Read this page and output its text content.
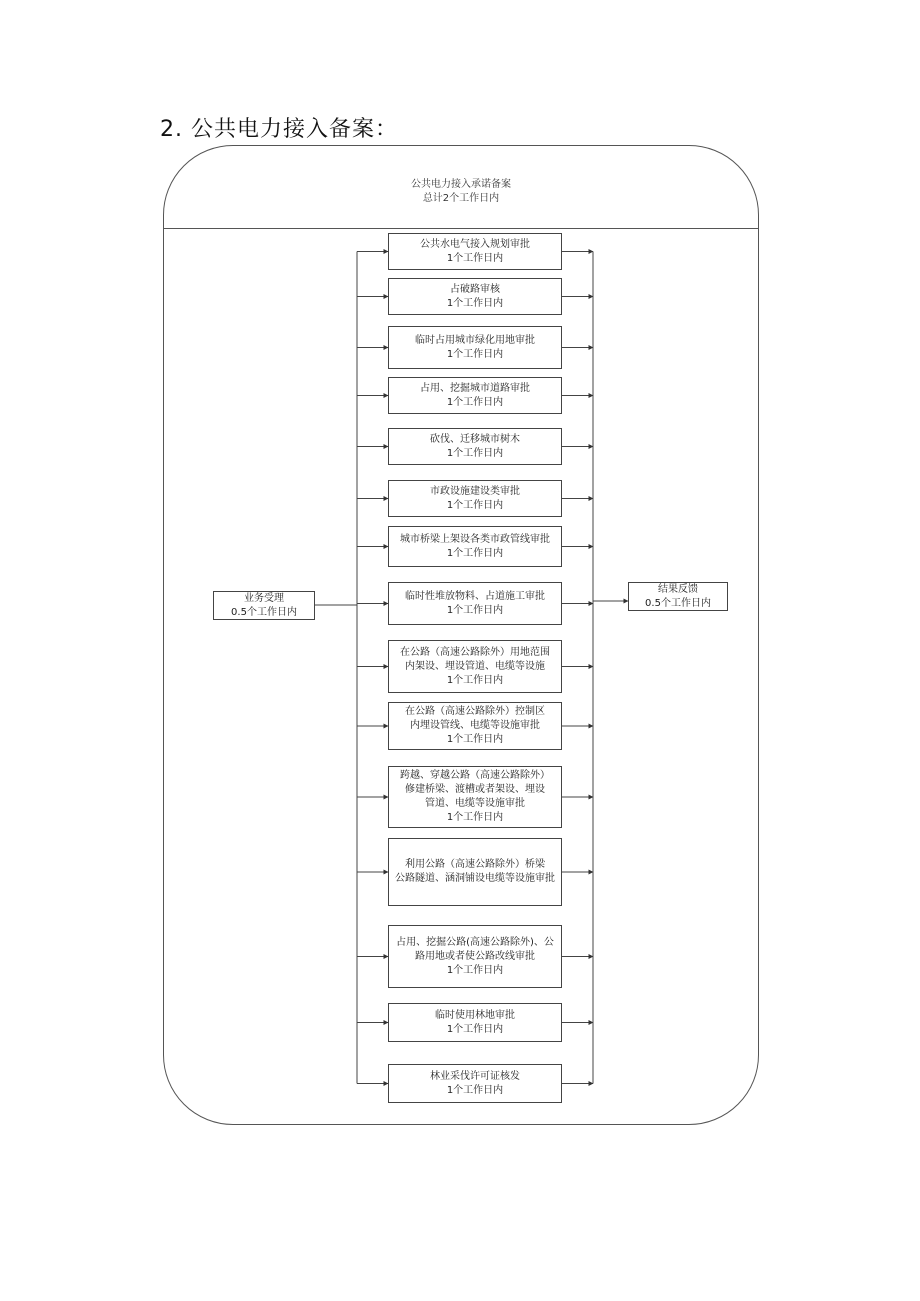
2. 公共电力接入备案：
公共电力接入承诺备案
总计2个工作日内
业务受理
0.5个工作日内
结果反馈
0.5个工作日内
公共水电气接入规划审批
1个工作日内
占破路审核
1个工作日内
临时占用城市绿化用地审批
1个工作日内
占用、挖掘城市道路审批
1个工作日内
砍伐、迁移城市树木
1个工作日内
市政设施建设类审批
1个工作日内
城市桥梁上架设各类市政管线审批
1个工作日内
临时性堆放物料、占道施工审批
1个工作日内
在公路（高速公路除外）用地范围
内架设、埋设管道、电缆等设施
1个工作日内
在公路（高速公路除外）控制区
内埋设管线、电缆等设施审批
1个工作日内
跨越、穿越公路（高速公路除外）
修建桥梁、渡槽或者架设、埋设
管道、电缆等设施审批
1个工作日内
利用公路（高速公路除外）桥梁
公路隧道、涵洞铺设电缆等设施审批
占用、挖掘公路(高速公路除外)、公
路用地或者使公路改线审批
1个工作日内
临时使用林地审批
1个工作日内
林业采伐许可证核发
1个工作日内
